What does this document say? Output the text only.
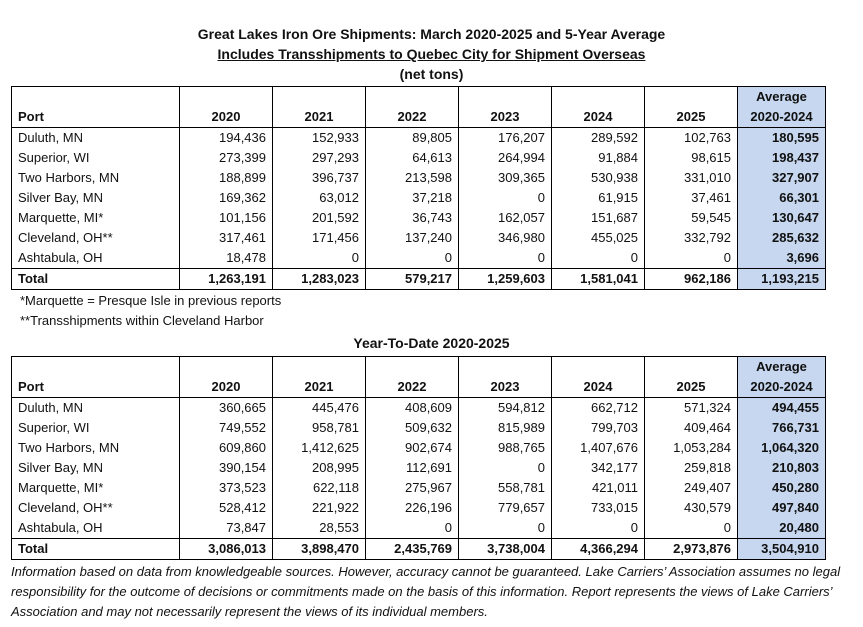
Great Lakes Iron Ore Shipments: March 2020-2025 and 5-Year Average
Includes Transshipments to Quebec City for Shipment Overseas
(net tons)
							Average
Port	2020	2021	2022	2023	2024	2025	2020-2024
Duluth, MN	194,436	152,933	89,805	176,207	289,592	102,763	180,595
Superior, WI	273,399	297,293	64,613	264,994	91,884	98,615	198,437
Two Harbors, MN	188,899	396,737	213,598	309,365	530,938	331,010	327,907
Silver Bay, MN	169,362	63,012	37,218	0	61,915	37,461	66,301
Marquette, MI*	101,156	201,592	36,743	162,057	151,687	59,545	130,647
Cleveland, OH**	317,461	171,456	137,240	346,980	455,025	332,792	285,632
Ashtabula, OH	18,478	0	0	0	0	0	3,696
Total	1,263,191	1,283,023	579,217	1,259,603	1,581,041	962,186	1,193,215
*Marquette = Presque Isle in previous reports
**Transshipments within Cleveland Harbor
Year-To-Date 2020-2025
							Average
Port	2020	2021	2022	2023	2024	2025	2020-2024
Duluth, MN	360,665	445,476	408,609	594,812	662,712	571,324	494,455
Superior, WI	749,552	958,781	509,632	815,989	799,703	409,464	766,731
Two Harbors, MN	609,860	1,412,625	902,674	988,765	1,407,676	1,053,284	1,064,320
Silver Bay, MN	390,154	208,995	112,691	0	342,177	259,818	210,803
Marquette, MI*	373,523	622,118	275,967	558,781	421,011	249,407	450,280
Cleveland, OH**	528,412	221,922	226,196	779,657	733,015	430,579	497,840
Ashtabula, OH	73,847	28,553	0	0	0	0	20,480
Total	3,086,013	3,898,470	2,435,769	3,738,004	4,366,294	2,973,876	3,504,910
Information based on data from knowledgeable sources. However, accuracy cannot be guaranteed. Lake Carriers’ Association assumes no legal responsibility for the outcome of decisions or commitments made on the basis of this information. Report represents the views of Lake Carriers’ Association and may not necessarily represent the views of its individual members.
